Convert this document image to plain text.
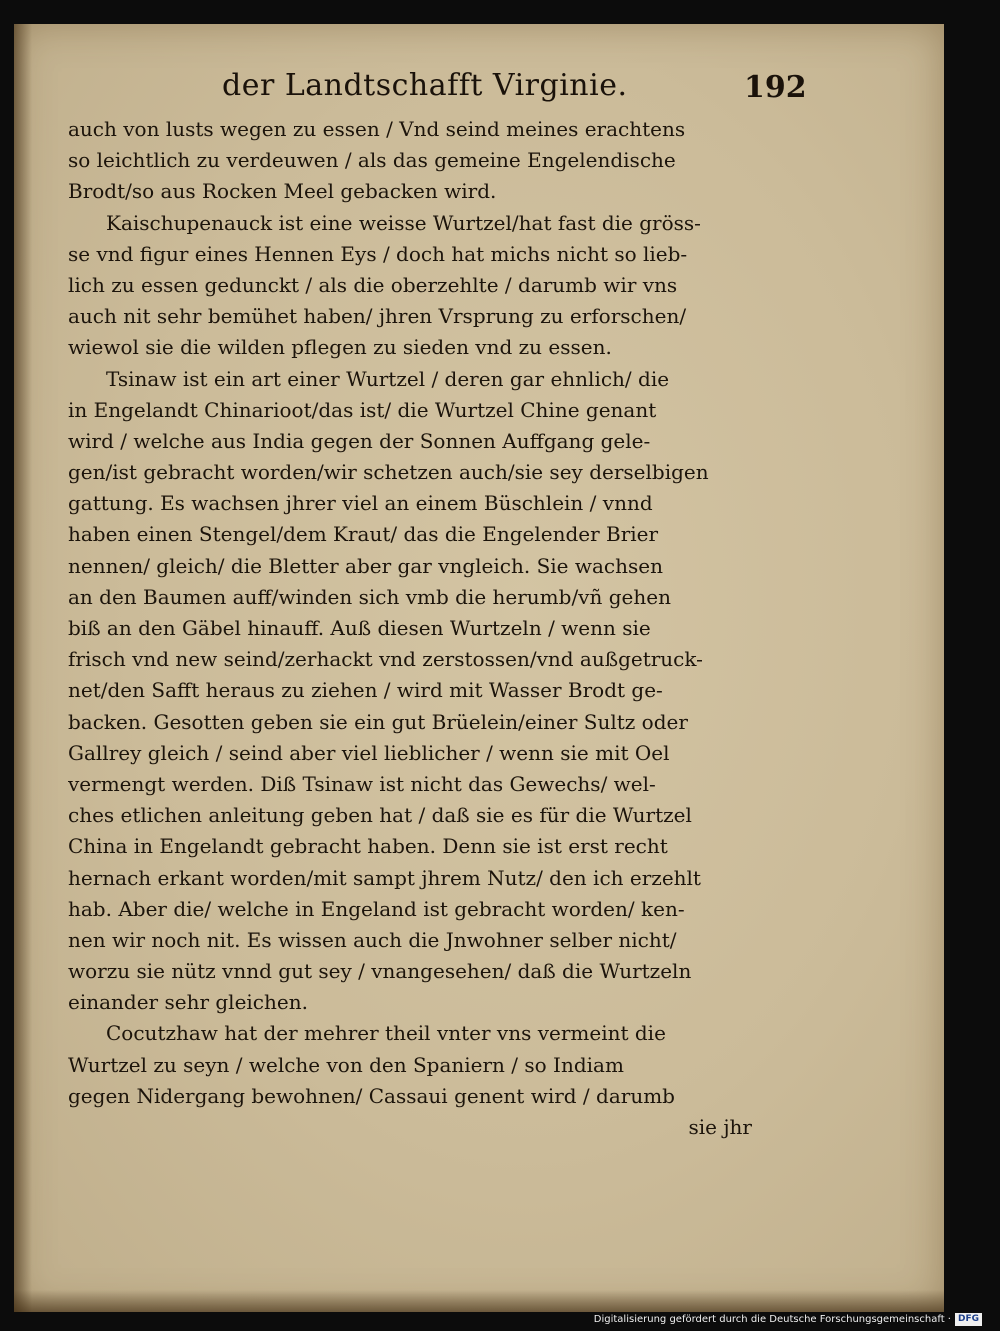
der Landtschafft Virginie.	192
auch von lusts wegen zu essen / Vnd seind meines erachtens
so leichtlich zu verdeuwen / als das gemeine Engelendische
Brodt/so aus Rocken Meel gebacken wird.
Kaischupenauck ist eine weisse Wurtzel/hat fast die gröss-
se vnd figur eines Hennen Eys / doch hat michs nicht so lieb-
lich zu essen gedunckt / als die oberzehlte / darumb wir vns
auch nit sehr bemühet haben/ jhren Vrsprung zu erforschen/
wiewol sie die wilden pflegen zu sieden vnd zu essen.
Tsinaw ist ein art einer Wurtzel / deren gar ehnlich/ die
in Engelandt Chinarioot/das ist/ die Wurtzel Chine genant
wird / welche aus India gegen der Sonnen Auffgang gele-
gen/ist gebracht worden/wir schetzen auch/sie sey derselbigen
gattung. Es wachsen jhrer viel an einem Büschlein / vnnd
haben einen Stengel/dem Kraut/ das die Engelender Brier
nennen/ gleich/ die Bletter aber gar vngleich. Sie wachsen
an den Baumen auff/winden sich vmb die herumb/vñ gehen
biß an den Gäbel hinauff. Auß diesen Wurtzeln / wenn sie
frisch vnd new seind/zerhackt vnd zerstossen/vnd außgetruck-
net/den Safft heraus zu ziehen / wird mit Wasser Brodt ge-
backen. Gesotten geben sie ein gut Brüelein/einer Sultz oder
Gallrey gleich / seind aber viel lieblicher / wenn sie mit Oel
vermengt werden. Diß Tsinaw ist nicht das Gewechs/ wel-
ches etlichen anleitung geben hat / daß sie es für die Wurtzel
China in Engelandt gebracht haben. Denn sie ist erst recht
hernach erkant worden/mit sampt jhrem Nutz/ den ich erzehlt
hab. Aber die/ welche in Engeland ist gebracht worden/ ken-
nen wir noch nit. Es wissen auch die Jnwohner selber nicht/
worzu sie nütz vnnd gut sey / vnangesehen/ daß die Wurtzeln
einander sehr gleichen.
Cocutzhaw hat der mehrer theil vnter vns vermeint die
Wurtzel zu seyn / welche von den Spaniern / so Indiam
gegen Nidergang bewohnen/ Cassaui genent wird / darumb
sie jhr
Digitalisierung gefördert durch die Deutsche Forschungsgemeinschaft · DFG
